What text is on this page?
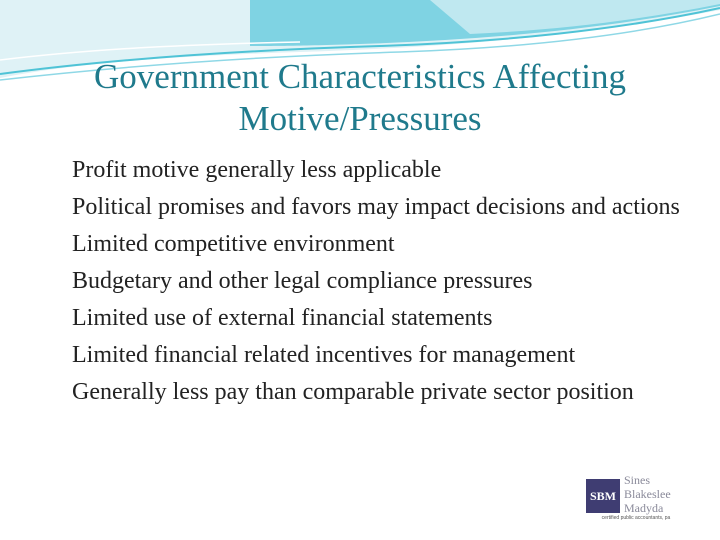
Government Characteristics Affecting
Motive/Pressures
Profit motive generally less applicable
Political promises and favors may impact decisions and actions
Limited competitive environment
Budgetary and other legal compliance pressures
Limited use of external financial statements
Limited financial related incentives for management
Generally less pay than comparable private sector position
SBM
Sines
Blakeslee
Madyda
certified public accountants, pa
